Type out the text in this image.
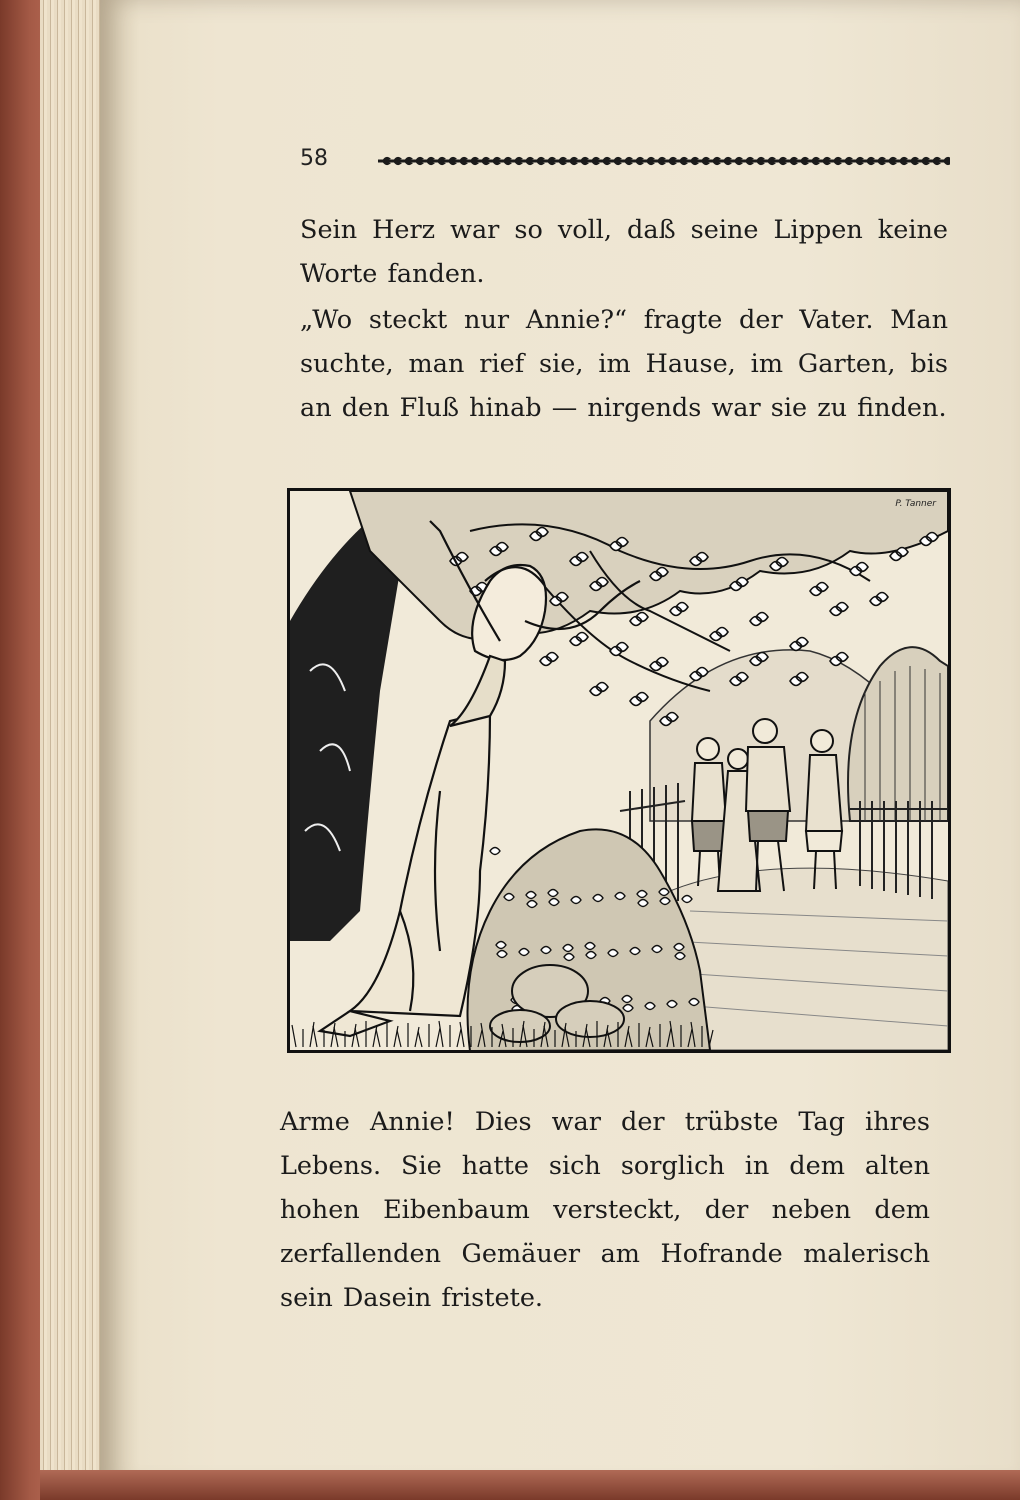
58

Sein Herz war so voll, daß seine Lippen keine Worte fanden.

„Wo steckt nur Annie?“ fragte der Vater. Man suchte, man rief sie, im Hause, im Garten, bis an den Fluß hinab — nirgends war sie zu finden.

P. Tanner

Arme Annie! Dies war der trübste Tag ihres Lebens. Sie hatte sich sorglich in dem alten hohen Eibenbaum versteckt, der neben dem zerfallenden Gemäuer am Hofrande malerisch sein Dasein fristete.
